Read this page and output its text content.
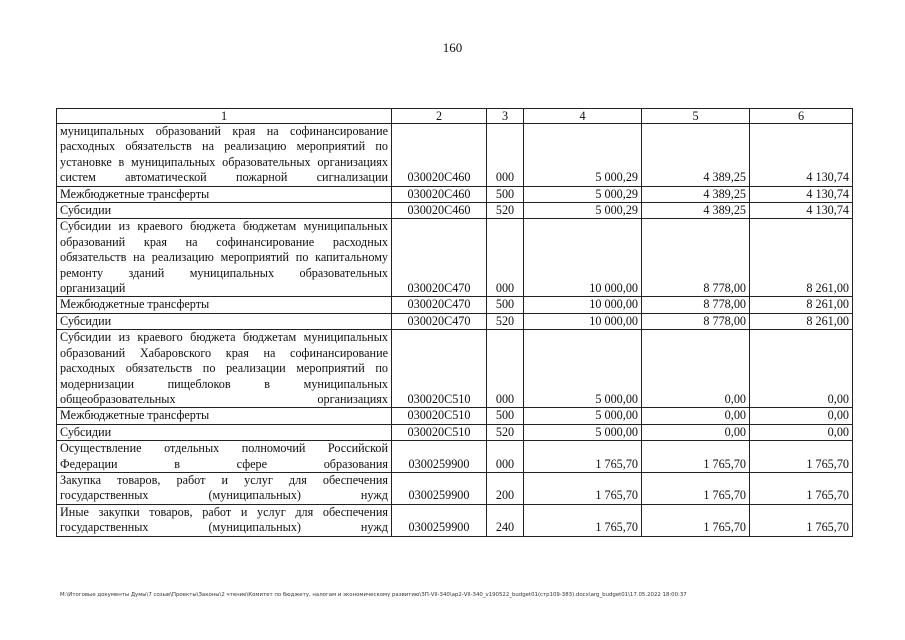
160
1	2	3	4	5	6
муниципальных образований края на софинансирование расходных обязательств на реализацию мероприятий по установке в муниципальных образовательных организациях систем автоматической пожарной сигнализации	030020C460	000	5 000,29	4 389,25	4 130,74
Межбюджетные трансферты	030020C460	500	5 000,29	4 389,25	4 130,74
Субсидии	030020C460	520	5 000,29	4 389,25	4 130,74
Субсидии из краевого бюджета бюджетам муниципальных образований края на софинансирование расходных обязательств на реализацию мероприятий по капитальному ремонту зданий муниципальных образовательных организаций	030020C470	000	10 000,00	8 778,00	8 261,00
Межбюджетные трансферты	030020C470	500	10 000,00	8 778,00	8 261,00
Субсидии	030020C470	520	10 000,00	8 778,00	8 261,00
Субсидии из краевого бюджета бюджетам муниципальных образований Хабаровского края на софинансирование расходных обязательств по реализации мероприятий по модернизации пищеблоков в муниципальных общеобразовательных организациях	030020C510	000	5 000,00	0,00	0,00
Межбюджетные трансферты	030020C510	500	5 000,00	0,00	0,00
Субсидии	030020C510	520	5 000,00	0,00	0,00
Осуществление отдельных полномочий Российской Федерации в сфере образования	0300259900	000	1 765,70	1 765,70	1 765,70
Закупка товаров, работ и услуг для обеспечения государственных (муниципальных) нужд	0300259900	200	1 765,70	1 765,70	1 765,70
Иные закупки товаров, работ и услуг для обеспечения государственных (муниципальных) нужд	0300259900	240	1 765,70	1 765,70	1 765,70
M:\Итоговые документы Думы\7 созыв\Проекты\Законы\2 чтение\Комитет по бюджету, налогам и экономическому развитию\ЗП-VII-340\ар2-VII-340_v190522_budget01(стр109-383).docx\arg_budget01\17.05.2022 18:00:37
